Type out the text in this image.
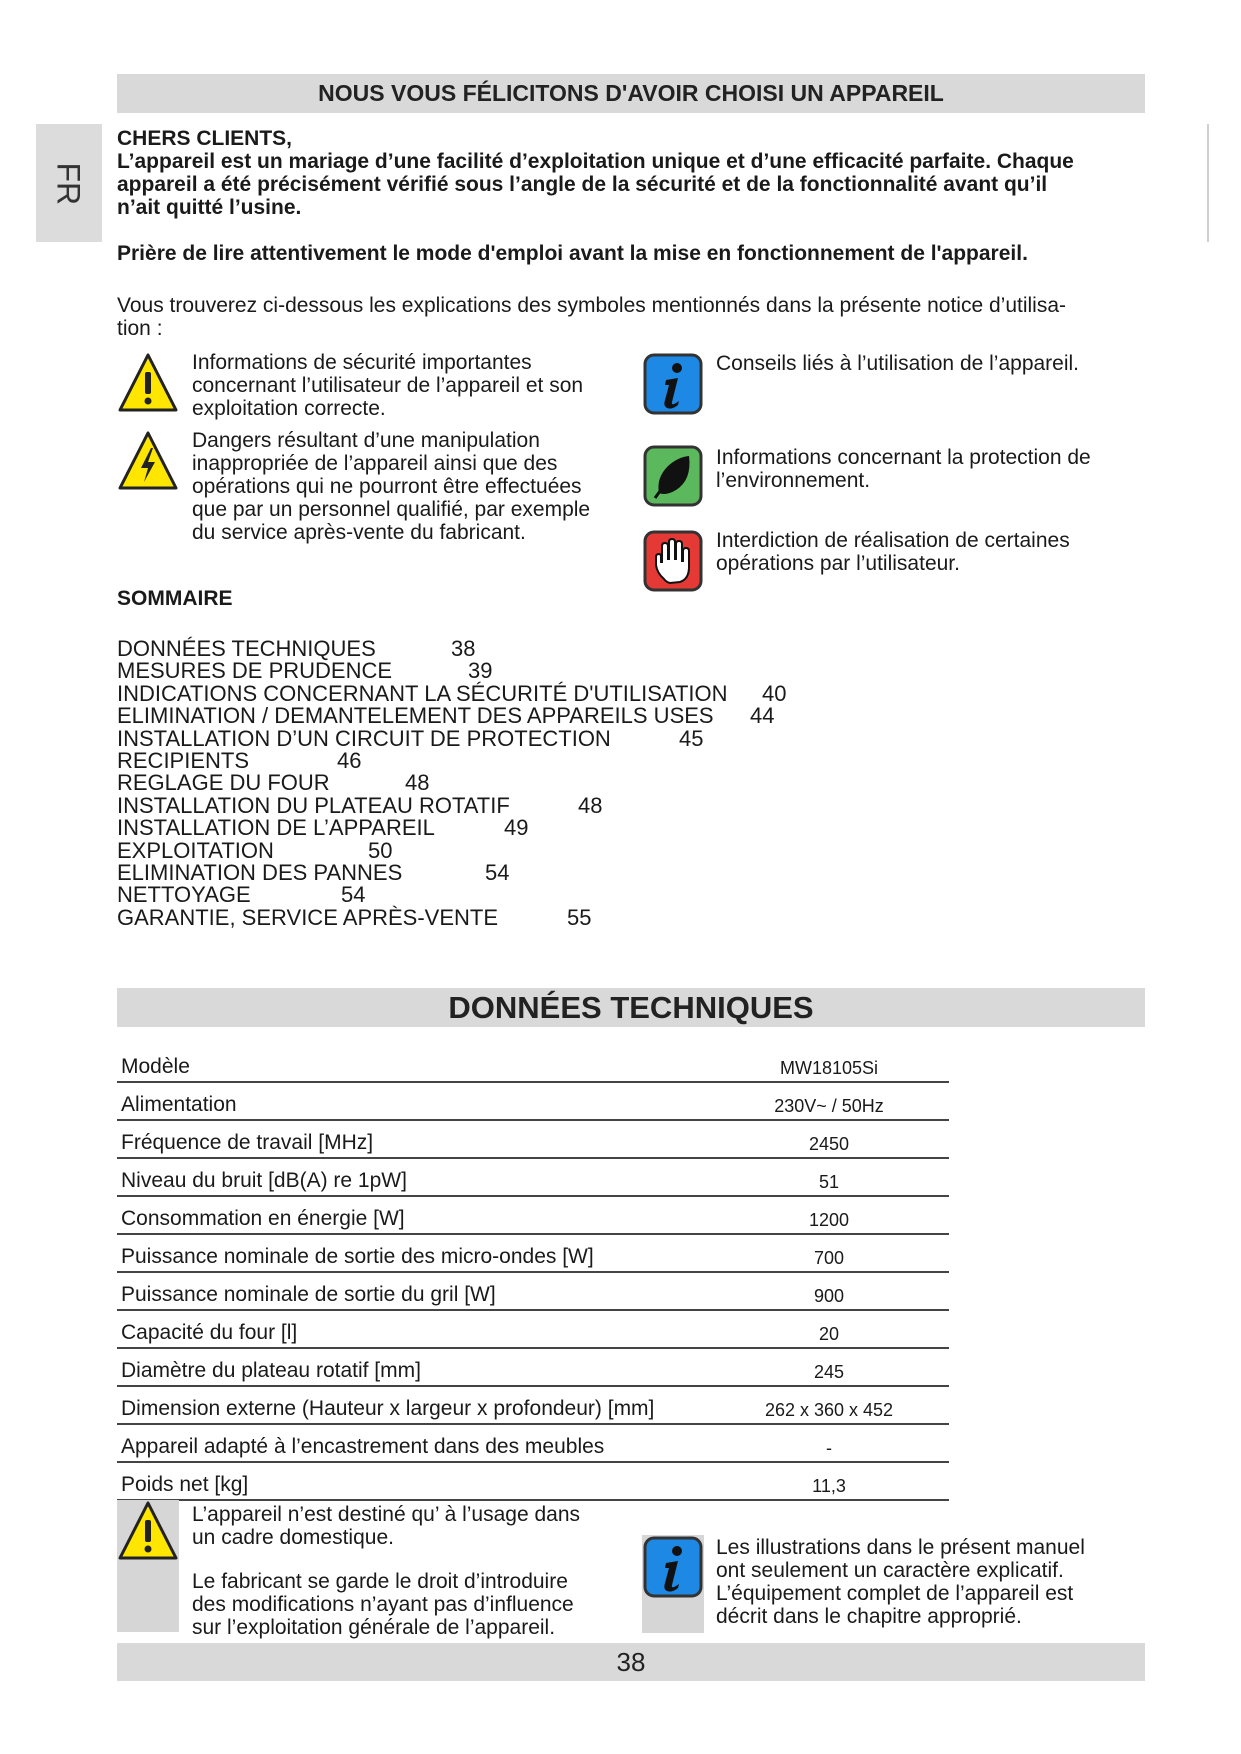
FR
NOUS VOUS FÉLICITONS D'AVOIR CHOISI UN APPAREIL
CHERS CLIENTS,
L’appareil est un mariage d’une facilité d’exploitation unique et d’une efficacité parfaite. Chaque
appareil a été précisément vérifié sous l’angle de la sécurité et de la fonctionnalité avant qu’il
n’ait quitté l’usine.
Prière de lire attentivement le mode d'emploi avant la mise en fonctionnement de l'appareil.
Vous trouverez ci-dessous les explications des symboles mentionnés dans la présente notice d’utilisa-
tion :
Informations de sécurité importantes
concernant l’utilisateur de l’appareil et son
exploitation correcte.
Dangers résultant d’une manipulation
inappropriée de l’appareil ainsi que des
opérations qui ne pourront être effectuées
que par un personnel qualifié, par exemple
du service après-vente du fabricant.
Conseils liés à l’utilisation de l’appareil.
Informations concernant la protection de
l’environnement.
Interdiction de réalisation de certaines
opérations par l’utilisateur.
SOMMAIRE
DONNÉES TECHNIQUES	38
MESURES DE PRUDENCE	39
INDICATIONS CONCERNANT LA SÉCURITÉ D'UTILISATION 40
ELIMINATION / DEMANTELEMENT DES APPAREILS USES 44
INSTALLATION D’UN CIRCUIT DE PROTECTION	45
RECIPIENTS	46
REGLAGE DU FOUR	48
INSTALLATION DU PLATEAU ROTATIF	48
INSTALLATION DE L’APPAREIL	49
EXPLOITATION	50
ELIMINATION DES PANNES	54
NETTOYAGE	54
GARANTIE, SERVICE APRÈS-VENTE	55
DONNÉES TECHNIQUES
Modèle	MW18105Si
Alimentation	230V~ / 50Hz
Fréquence de travail [MHz]	2450
Niveau du bruit [dB(A) re 1pW]	51
Consommation en énergie [W]	1200
Puissance nominale de sortie des micro-ondes [W]	700
Puissance nominale de sortie du gril [W]	900
Capacité du four [l]	20
Diamètre du plateau rotatif [mm]	245
Dimension externe (Hauteur x largeur x profondeur) [mm]	262 x 360 x 452
Appareil adapté à l’encastrement dans des meubles	-
Poids net [kg]	11,3
L’appareil n’est destiné qu’ à l’usage dans
un cadre domestique.
Le fabricant se garde le droit d’introduire
des modifications n’ayant pas d’influence
sur l’exploitation générale de l’appareil.
Les illustrations dans le présent manuel
ont seulement un caractère explicatif.
L’équipement complet de l’appareil est
décrit dans le chapitre approprié.
38
